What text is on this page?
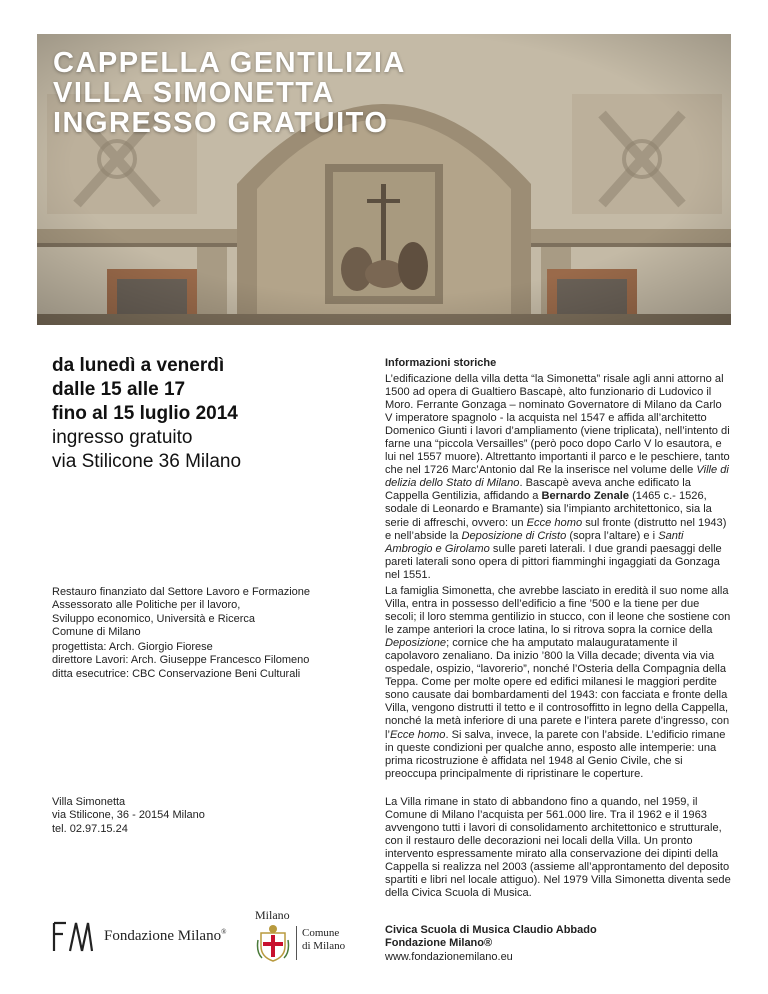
CAPPELLA GENTILIZIA
VILLA SIMONETTA
INGRESSO GRATUITO
da lunedì a venerdì
dalle 15 alle 17
fino al 15 luglio 2014
ingresso gratuito
via Stilicone 36 Milano
Restauro finanziato dal Settore Lavoro e Formazione
Assessorato alle Politiche per il lavoro,
Sviluppo economico, Università e Ricerca
Comune di Milano
progettista: Arch. Giorgio Fiorese
direttore Lavori: Arch. Giuseppe Francesco Filomeno
ditta esecutrice: CBC Conservazione Beni Culturali
Villa Simonetta
via Stilicone, 36 - 20154 Milano
tel. 02.97.15.24

Informazioni storiche

L’edificazione della villa detta “la Simonetta” risale agli anni attorno al 1500 ad opera di Gualtiero Bascapè, alto funzionario di Ludovico il Moro. Ferrante Gonzaga – nominato Governatore di Milano da Carlo V imperatore spagnolo - la acquista nel 1547 e affida all’architetto Domenico Giunti i lavori d’ampliamento (viene triplicata), nell’intento di farne una “piccola Versailles” (però poco dopo Carlo V lo esautora, e lui nel 1557 muore). Altrettanto importanti il parco e le peschiere, tanto che nel 1726 Marc’Antonio dal Re la inserisce nel volume delle Ville di delizia dello Stato di Milano. Bascapè aveva anche edificato la Cappella Gentilizia, affidando a Bernardo Zenale (1465 c.- 1526, sodale di Leonardo e Bramante) sia l’impianto architettonico, sia la serie di affreschi, ovvero: un Ecce homo sul fronte (distrutto nel 1943) e nell’abside la Deposizione di Cristo (sopra l’altare) e i Santi Ambrogio e Girolamo sulle pareti laterali. I due grandi paesaggi delle pareti laterali sono opera di pittori fiamminghi ingaggiati da Gonzaga nel 1551.

La famiglia Simonetta, che avrebbe lasciato in eredità il suo nome alla Villa, entra in possesso dell’edificio a fine ’500 e la tiene per due secoli; il loro stemma gentilizio in stucco, con il leone che sostiene con le zampe anteriori la croce latina, lo si ritrova sopra la cornice della Deposizione; cornice che ha amputato malauguratamente il capolavoro zenaliano. Da inizio ’800 la Villa decade; diventa via via ospedale, ospizio, “lavorerio”, nonché l’Osteria della Compagnia della Teppa. Come per molte opere ed edifici milanesi le maggiori perdite sono causate dai bombardamenti del 1943: con facciata e fronte della Villa, vengono distrutti il tetto e il controsoffitto in legno della Cappella, nonché la metà inferiore di una parete e l’intera parete d’ingresso, con l’Ecce homo. Si salva, invece, la parete con l’abside. L’edificio rimane in queste condizioni per qualche anno, esposto alle intemperie: una prima ricostruzione è affidata nel 1948 al Genio Civile, che si preoccupa principalmente di ripristinare le coperture.

La Villa rimane in stato di abbandono fino a quando, nel 1959, il Comune di Milano l’acquista per 561.000 lire. Tra il 1962 e il 1963 avvengono tutti i lavori di consolidamento architettonico e strutturale, con il restauro delle decorazioni nei locali della Villa. Un pronto intervento espressamente mirato alla conservazione dei dipinti della Cappella si realizza nel 2003 (assieme all’approntamento del deposito spartiti e libri nel locale attiguo). Nel 1979 Villa Simonetta diventa sede della Civica Scuola di Musica.

Civica Scuola di Musica Claudio Abbado
Fondazione Milano®
www.fondazionemilano.eu
Fondazione Milano®
Milano
Comune
di Milano
